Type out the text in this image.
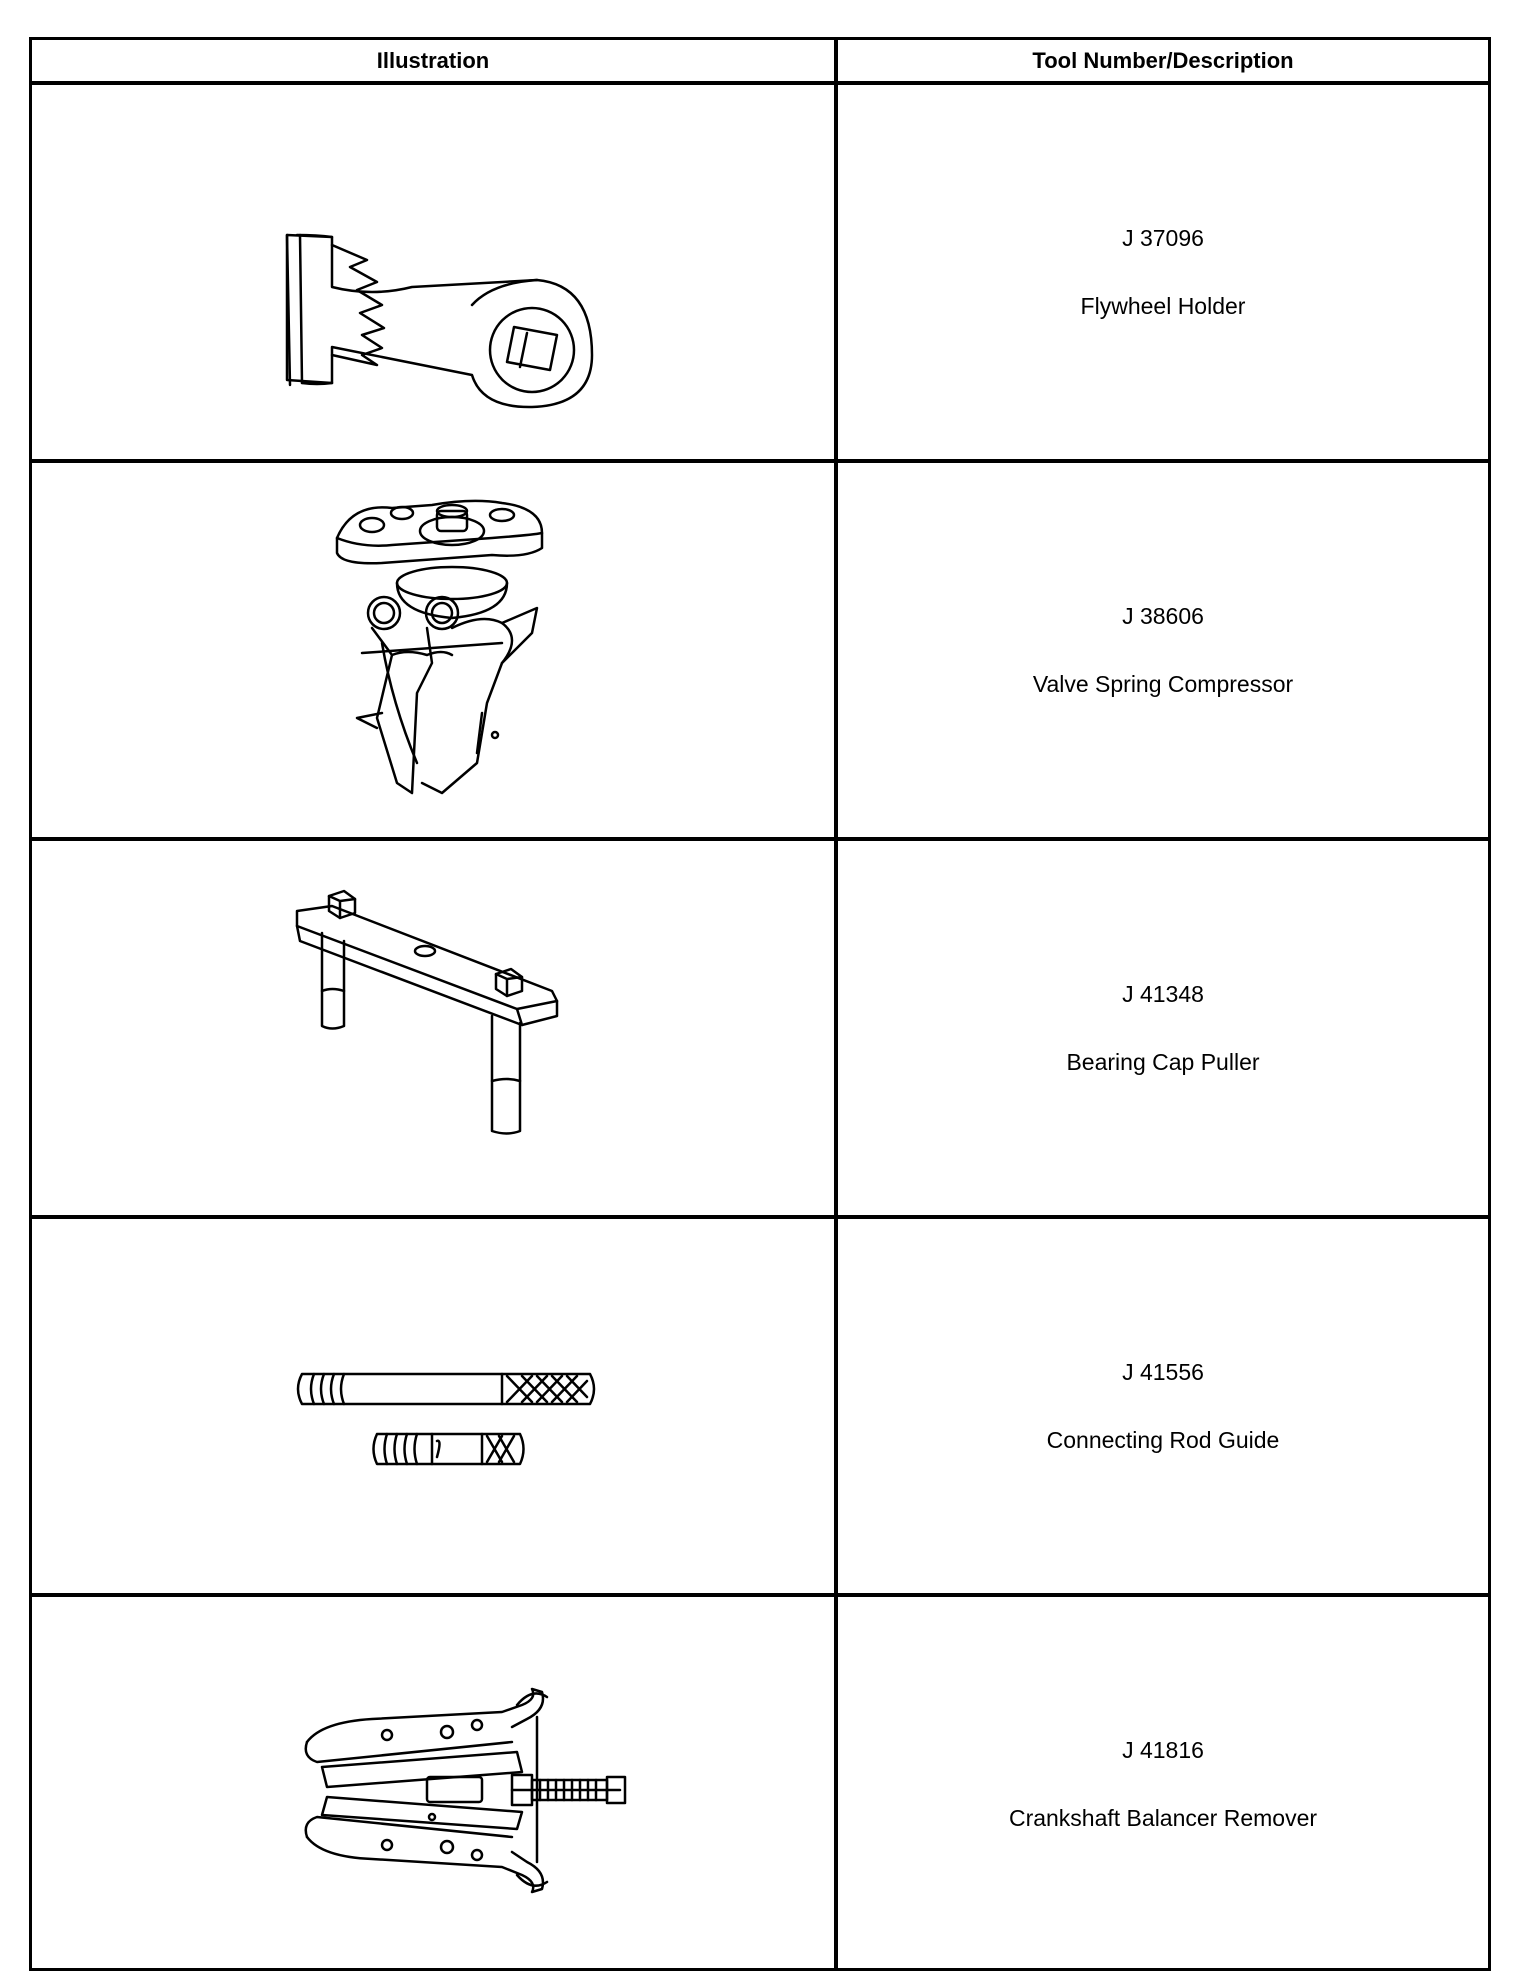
Illustration	Tool Number/Description
J 37096
Flywheel Holder
J 38606
Valve Spring Compressor
J 41348
Bearing Cap Puller
J 41556
Connecting Rod Guide
J 41816
Crankshaft Balancer Remover
